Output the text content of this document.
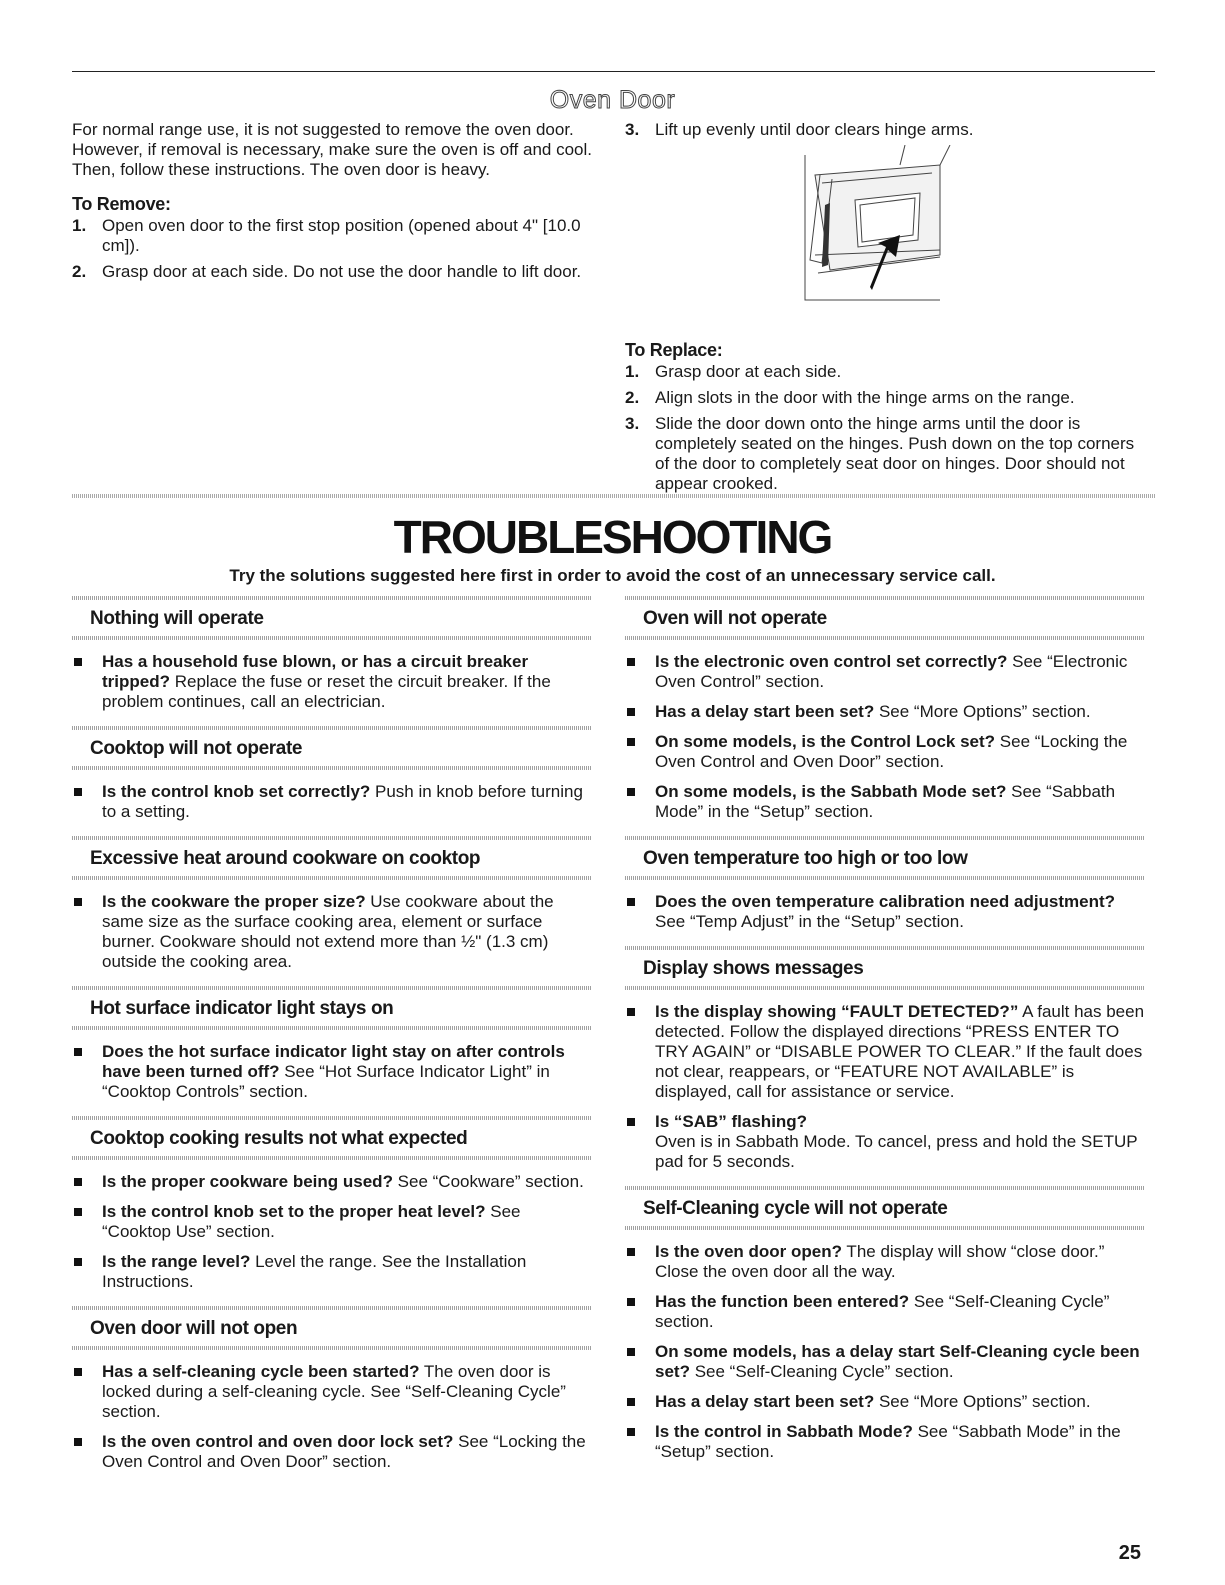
Oven Door

For normal range use, it is not suggested to remove the oven door. However, if removal is necessary, make sure the oven is off and cool. Then, follow these instructions. The oven door is heavy.

To Remove:
1. Open oven door to the first stop position (opened about 4" [10.0 cm]).
2. Grasp door at each side. Do not use the door handle to lift door.
3. Lift up evenly until door clears hinge arms.
To Replace:
1. Grasp door at each side.
2. Align slots in the door with the hinge arms on the range.
3. Slide the door down onto the hinge arms until the door is completely seated on the hinges. Push down on the top corners of the door to completely seat door on hinges. Door should not appear crooked.
TROUBLESHOOTING
Try the solutions suggested here first in order to avoid the cost of an unnecessary service call.
Nothing will operate
Has a household fuse blown, or has a circuit breaker tripped? Replace the fuse or reset the circuit breaker. If the problem continues, call an electrician.
Cooktop will not operate
Is the control knob set correctly? Push in knob before turning to a setting.
Excessive heat around cookware on cooktop
Is the cookware the proper size? Use cookware about the same size as the surface cooking area, element or surface burner. Cookware should not extend more than ½" (1.3 cm) outside the cooking area.
Hot surface indicator light stays on
Does the hot surface indicator light stay on after controls have been turned off? See “Hot Surface Indicator Light” in “Cooktop Controls” section.
Cooktop cooking results not what expected
Is the proper cookware being used? See “Cookware” section.
Is the control knob set to the proper heat level? See “Cooktop Use” section.
Is the range level? Level the range. See the Installation Instructions.
Oven door will not open
Has a self-cleaning cycle been started? The oven door is locked during a self-cleaning cycle. See “Self-Cleaning Cycle” section.
Is the oven control and oven door lock set? See “Locking the Oven Control and Oven Door” section.
Oven will not operate
Is the electronic oven control set correctly? See “Electronic Oven Control” section.
Has a delay start been set? See “More Options” section.
On some models, is the Control Lock set? See “Locking the Oven Control and Oven Door” section.
On some models, is the Sabbath Mode set? See “Sabbath Mode” in the “Setup” section.
Oven temperature too high or too low
Does the oven temperature calibration need adjustment? See “Temp Adjust” in the “Setup” section.
Display shows messages
Is the display showing “FAULT DETECTED?” A fault has been detected. Follow the displayed directions “PRESS ENTER TO TRY AGAIN” or “DISABLE POWER TO CLEAR.” If the fault does not clear, reappears, or “FEATURE NOT AVAILABLE” is displayed, call for assistance or service.
Is “SAB” flashing?
Oven is in Sabbath Mode. To cancel, press and hold the SETUP pad for 5 seconds.
Self-Cleaning cycle will not operate
Is the oven door open? The display will show “close door.” Close the oven door all the way.
Has the function been entered? See “Self-Cleaning Cycle” section.
On some models, has a delay start Self-Cleaning cycle been set? See “Self-Cleaning Cycle” section.
Has a delay start been set? See “More Options” section.
Is the control in Sabbath Mode? See “Sabbath Mode” in the “Setup” section.
25
